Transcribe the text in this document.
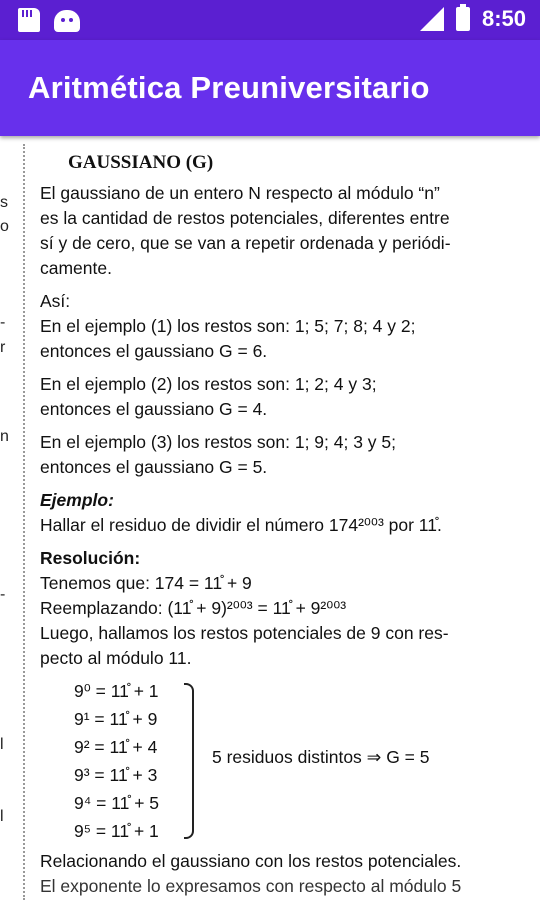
8:50
Aritmética Preuniversitario
s
o
-
r
n
-
l
l
GAUSSIANO (G)
El gaussiano de un entero N respecto al módulo “n”
es la cantidad de restos potenciales, diferentes entre
sí y de cero, que se van a repetir ordenada y periódi-
camente.
Así:
En el ejemplo (1) los restos son: 1; 5; 7; 8; 4 y 2;
entonces el gaussiano G = 6.
En el ejemplo (2) los restos son: 1; 2; 4 y 3;
entonces el gaussiano G = 4.
En el ejemplo (3) los restos son: 1; 9; 4; 3 y 5;
entonces el gaussiano G = 5.
Ejemplo:
Hallar el residuo de dividir el número 174²⁰⁰³ por 11̊.
Resolución:
Tenemos que: 174 = 11̊ + 9
Reemplazando: (11̊ + 9)²⁰⁰³ = 11̊ + 9²⁰⁰³
Luego, hallamos los restos potenciales de 9 con res-
pecto al módulo 11.
9⁰ = 11̊ + 1
9¹ = 11̊ + 9
9² = 11̊ + 4
9³ = 11̊ + 3
9⁴ = 11̊ + 5
9⁵ = 11̊ + 1
5 residuos distintos ⇒ G = 5
Relacionando el gaussiano con los restos potenciales.
El exponente lo expresamos con respecto al módulo 5
